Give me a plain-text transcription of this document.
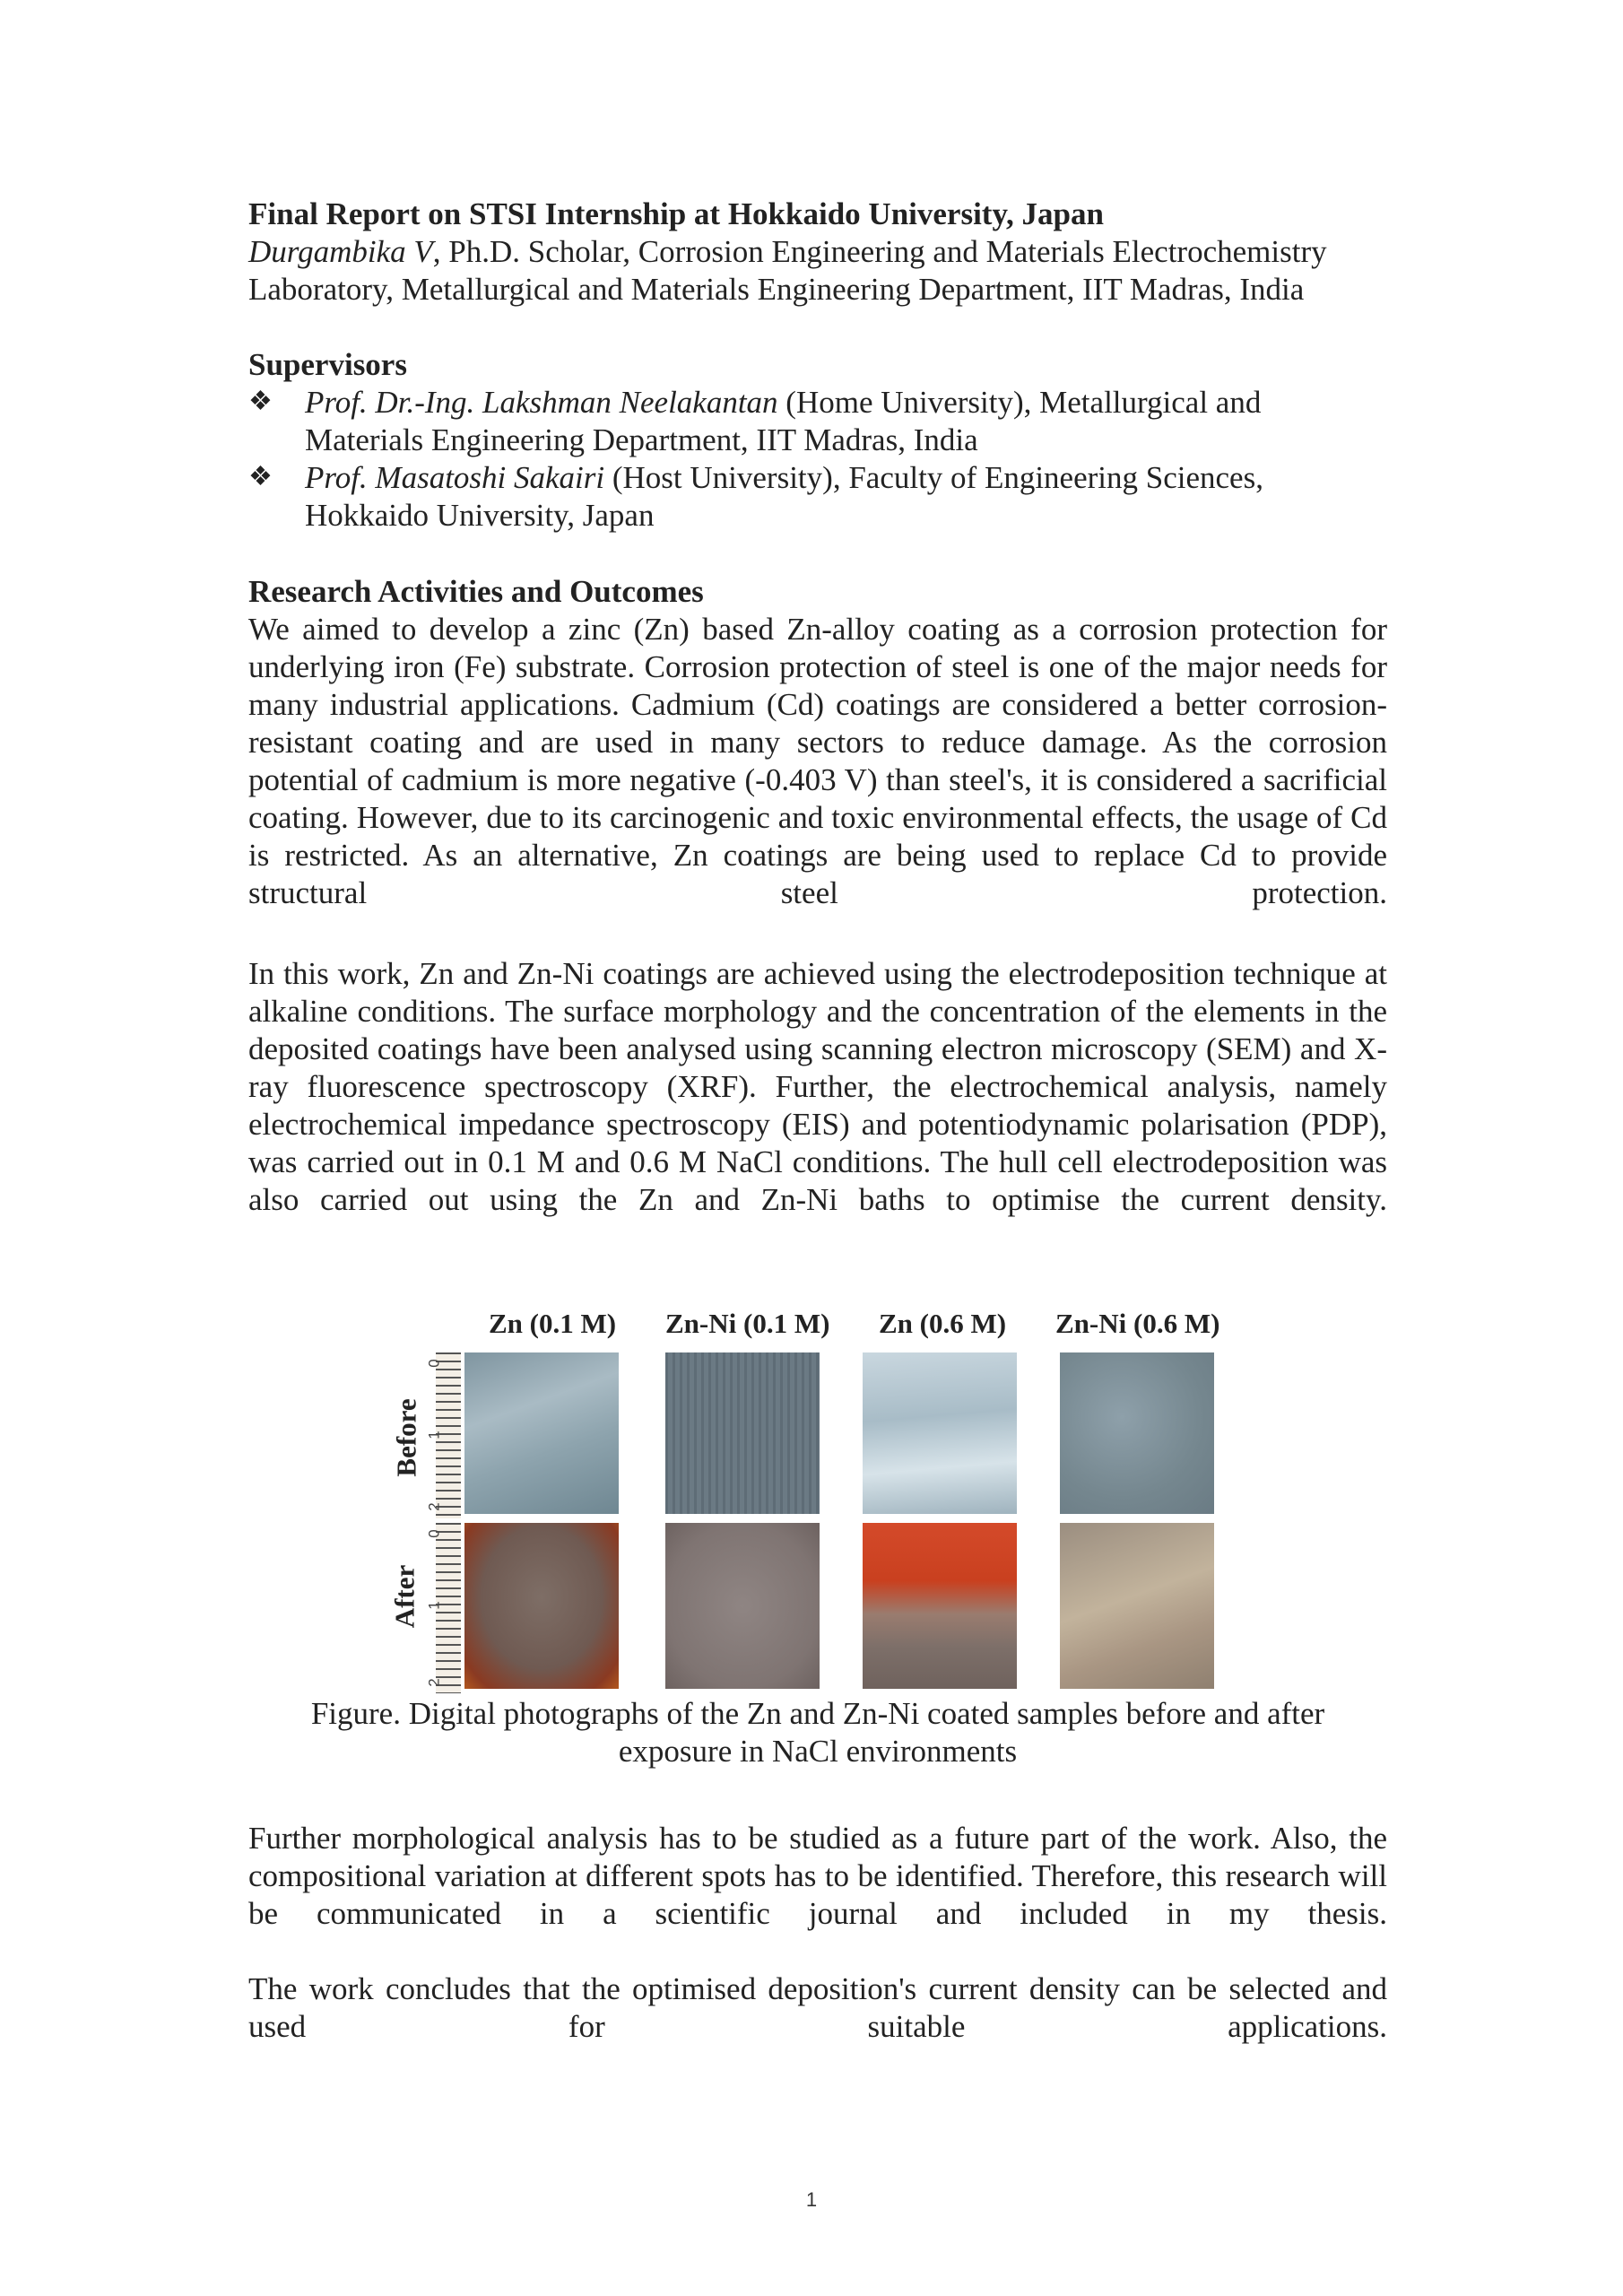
Final Report on STSI Internship at Hokkaido University, Japan
Durgambika V, Ph.D. Scholar, Corrosion Engineering and Materials Electrochemistry
Laboratory, Metallurgical and Materials Engineering Department, IIT Madras, India
Supervisors
❖ Prof. Dr.-Ing. Lakshman Neelakantan (Home University), Metallurgical and
Materials Engineering Department, IIT Madras, India
❖ Prof. Masatoshi Sakairi (Host University), Faculty of Engineering Sciences,
Hokkaido University, Japan
Research Activities and Outcomes
We aimed to develop a zinc (Zn) based Zn-alloy coating as a corrosion protection for underlying iron (Fe) substrate. Corrosion protection of steel is one of the major needs for many industrial applications. Cadmium (Cd) coatings are considered a better corrosion-resistant coating and are used in many sectors to reduce damage. As the corrosion potential of cadmium is more negative (-0.403 V) than steel's, it is considered a sacrificial coating. However, due to its carcinogenic and toxic environmental effects, the usage of Cd is restricted. As an alternative, Zn coatings are being used to replace Cd to provide structural steel protection.
In this work, Zn and Zn-Ni coatings are achieved using the electrodeposition technique at alkaline conditions. The surface morphology and the concentration of the elements in the deposited coatings have been analysed using scanning electron microscopy (SEM) and X-ray fluorescence spectroscopy (XRF). Further, the electrochemical analysis, namely electrochemical impedance spectroscopy (EIS) and potentiodynamic polarisation (PDP), was carried out in 0.1 M and 0.6 M NaCl conditions. The hull cell electrodeposition was also carried out using the Zn and Zn-Ni baths to optimise the current density.
Zn (0.1 M) Zn-Ni (0.1 M) Zn (0.6 M) Zn-Ni (0.6 M)
Before
After
0
1
2
0
1
2
Figure. Digital photographs of the Zn and Zn-Ni coated samples before and after
exposure in NaCl environments
Further morphological analysis has to be studied as a future part of the work. Also, the compositional variation at different spots has to be identified. Therefore, this research will be communicated in a scientific journal and included in my thesis.
The work concludes that the optimised deposition's current density can be selected and used for suitable applications.
1
